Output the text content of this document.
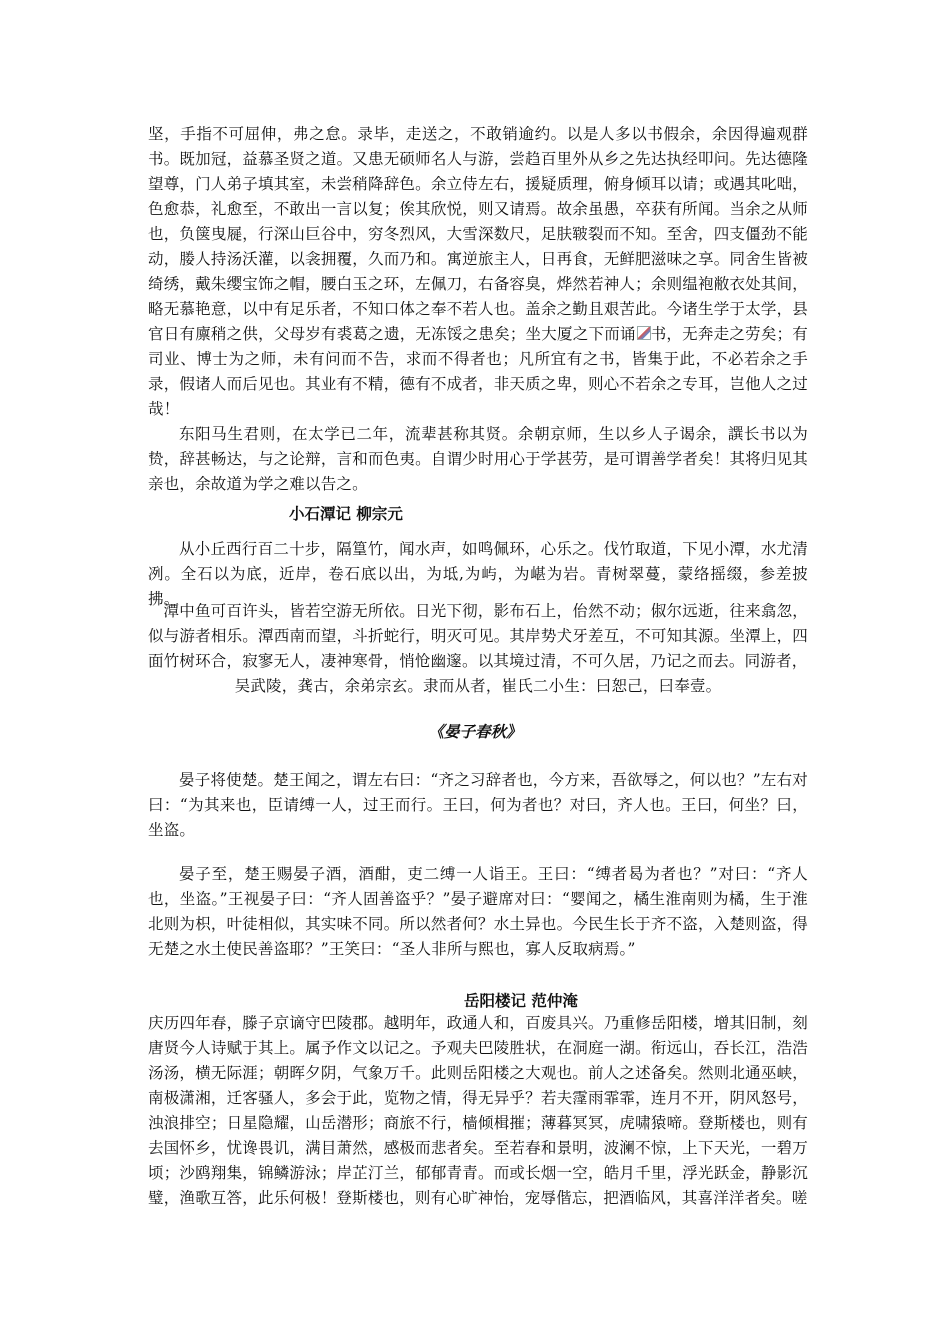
坚，手指不可屈伸，弗之怠。录毕，走送之，不敢销逾约。以是人多以书假余，余因得遍观群书。既加冠，益慕圣贤之道。又患无硕师名人与游，尝趋百里外从乡之先达执经叩问。先达德隆望尊，门人弟子填其室，未尝稍降辞色。余立侍左右，援疑质理，俯身倾耳以请；或遇其叱咄，色愈恭，礼愈至，不敢出一言以复；俟其欣悦，则又请焉。故余虽愚，卒获有所闻。当余之从师也，负箧曳屣，行深山巨谷中，穷冬烈风，大雪深数尺，足肤皲裂而不知。至舍，四支僵劲不能动，媵人持汤沃灌，以衾拥覆，久而乃和。寓逆旅主人，日再食，无鲜肥滋味之享。同舍生皆被绮绣，戴朱缨宝饰之帽，腰白玉之环，左佩刀，右备容臭，烨然若神人；余则缊袍敝衣处其间，略无慕艳意，以中有足乐者，不知口体之奉不若人也。盖余之勤且艰苦此。今诸生学于太学，县官日有廪稍之供，父母岁有裘葛之遗，无冻馁之患矣；坐大厦之下而诵 书，无奔走之劳矣；有司业、博士为之师，未有问而不告，求而不得者也；凡所宜有之书，皆集于此，不必若余之手录，假诸人而后见也。其业有不精，德有不成者，非天质之卑，则心不若余之专耳，岂他人之过哉！

东阳马生君则，在太学已二年，流辈甚称其贤。余朝京师，生以乡人子谒余，譔长书以为贽，辞甚畅达，与之论辩，言和而色夷。自谓少时用心于学甚劳，是可谓善学者矣！其将归见其亲也，余故道为学之难以告之。

小石潭记 柳宗元

从小丘西行百二十步，隔篁竹，闻水声，如鸣佩环，心乐之。伐竹取道，下见小潭，水尤清冽。全石以为底，近岸，卷石底以出，为坻,为屿，为嵁为岩。青树翠蔓，蒙络摇缀，参差披拂。

潭中鱼可百许头，皆若空游无所依。日光下彻，影布石上，佁然不动；俶尔远逝，往来翕忽，似与游者相乐。潭西南而望，斗折蛇行，明灭可见。其岸势犬牙差互，不可知其源。坐潭上，四面竹树环合，寂寥无人，凄神寒骨，悄怆幽邃。以其境过清，不可久居，乃记之而去。同游者，

吴武陵，龚古，余弟宗玄。隶而从者，崔氏二小生：曰恕己，曰奉壹。

《晏子春秋》

晏子将使楚。楚王闻之，谓左右曰：“齐之习辞者也，今方来，吾欲辱之，何以也？”左右对曰：“为其来也，臣请缚一人，过王而行。王曰，何为者也？对曰，齐人也。王曰，何坐？曰，坐盗。

晏子至，楚王赐晏子酒，酒酣，吏二缚一人诣王。王曰：“缚者曷为者也？”对曰：“齐人也，坐盗。”王视晏子曰：“齐人固善盗乎？”晏子避席对曰：“婴闻之，橘生淮南则为橘，生于淮北则为枳，叶徒相似，其实味不同。所以然者何？水土异也。今民生长于齐不盗，入楚则盗，得无楚之水土使民善盗耶？”王笑曰：“圣人非所与熙也，寡人反取病焉。”

岳阳楼记 范仲淹

庆历四年春，滕子京谪守巴陵郡。越明年，政通人和，百废具兴。乃重修岳阳楼，增其旧制，刻唐贤今人诗赋于其上。属予作文以记之。予观夫巴陵胜状，在洞庭一湖。衔远山，吞长江，浩浩汤汤，横无际涯；朝晖夕阴，气象万千。此则岳阳楼之大观也。前人之述备矣。然则北通巫峡，南极潇湘，迁客骚人，多会于此，览物之情，得无异乎？若夫霪雨霏霏，连月不开，阴风怒号，浊浪排空；日星隐耀，山岳潜形；商旅不行，樯倾楫摧；薄暮冥冥，虎啸猿啼。登斯楼也，则有去国怀乡，忧谗畏讥，满目萧然，感极而悲者矣。至若春和景明，波澜不惊，上下天光，一碧万顷；沙鸥翔集，锦鳞游泳；岸芷汀兰，郁郁青青。而或长烟一空，皓月千里，浮光跃金，静影沉璧，渔歌互答，此乐何极！登斯楼也，则有心旷神怡，宠辱偕忘，把酒临风，其喜洋洋者矣。嗟
